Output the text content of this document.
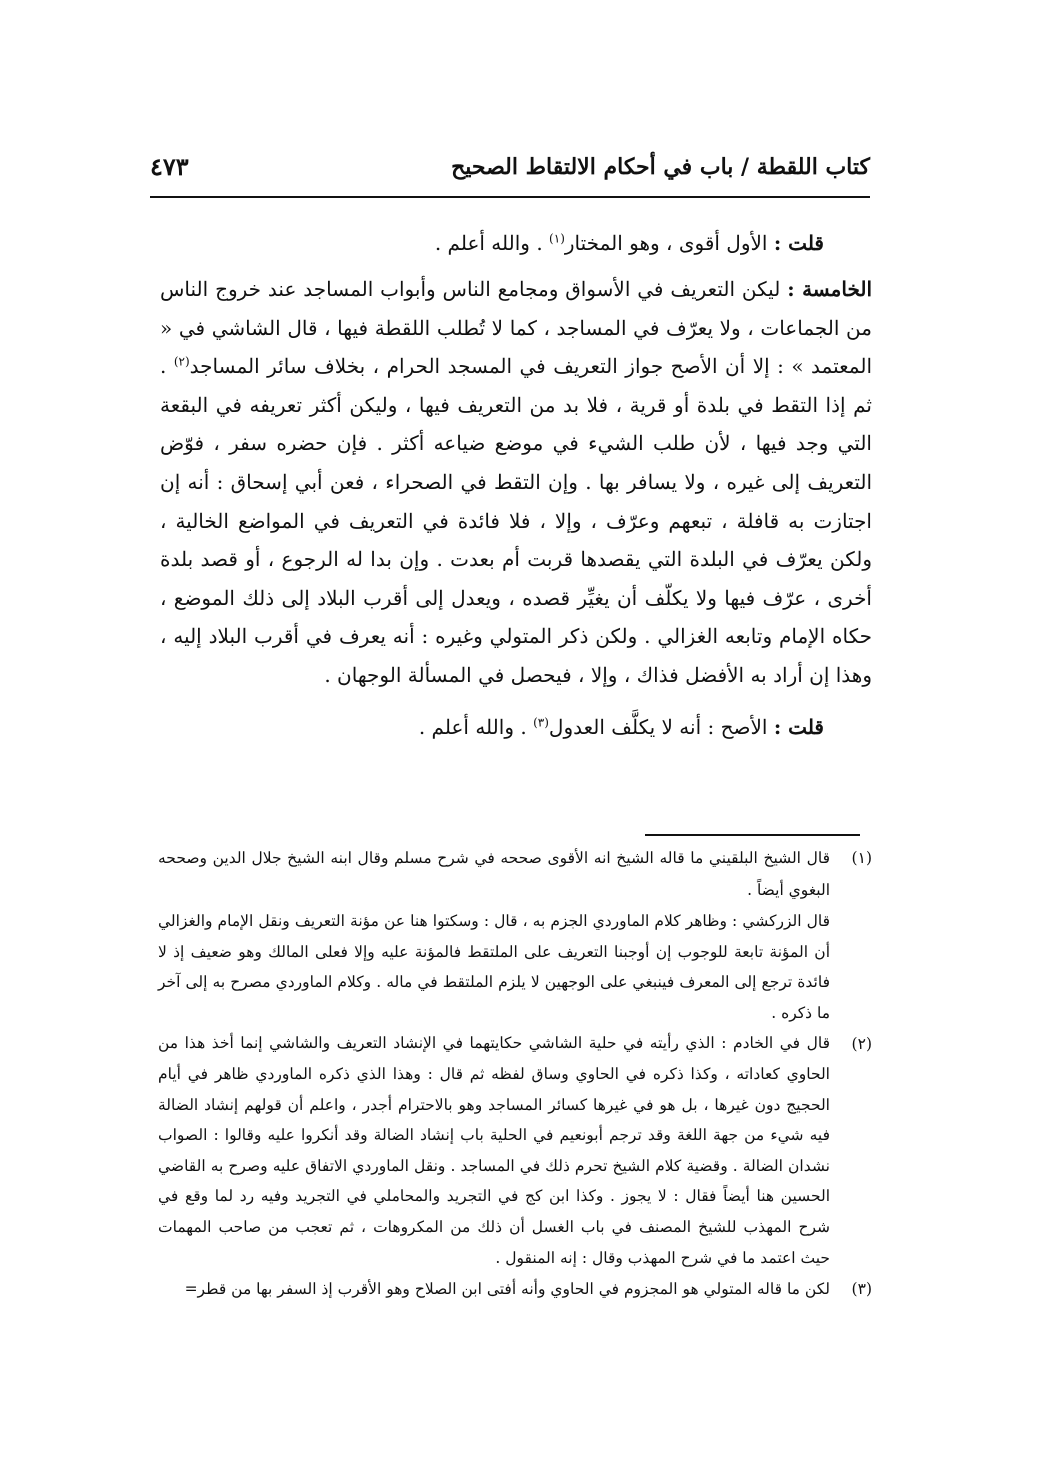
كتاب اللقطة / باب في أحكام الالتقاط الصحيح
٤٧٣

قلت : الأول أقوى ، وهو المختار$^{(١)}$ . والله أعلم .

الخامسة : ليكن التعريف في الأسواق ومجامع الناس وأبواب المساجد عند خروج الناس من الجماعات ، ولا يعرّف في المساجد ، كما لا تُطلب اللقطة فيها ، قال الشاشي في « المعتمد » : إلا أن الأصح جواز التعريف في المسجد الحرام ، بخلاف سائر المساجد$^{(٢)}$ . ثم إذا التقط في بلدة أو قرية ، فلا بد من التعريف فيها ، وليكن أكثر تعريفه في البقعة التي وجد فيها ، لأن طلب الشيء في موضع ضياعه أكثر . فإن حضره سفر ، فوّض التعريف إلى غيره ، ولا يسافر بها . وإن التقط في الصحراء ، فعن أبي إسحاق : أنه إن اجتازت به قافلة ، تبعهم وعرّف ، وإلا ، فلا فائدة في التعريف في المواضع الخالية ، ولكن يعرّف في البلدة التي يقصدها قربت أم بعدت . وإن بدا له الرجوع ، أو قصد بلدة أخرى ، عرّف فيها ولا يكلّف أن يغيِّر قصده ، ويعدل إلى أقرب البلاد إلى ذلك الموضع ، حكاه الإمام وتابعه الغزالي . ولكن ذكر المتولي وغيره : أنه يعرف في أقرب البلاد إليه ، وهذا إن أراد به الأفضل فذاك ، وإلا ، فيحصل في المسألة الوجهان .

قلت : الأصح : أنه لا يكلَّف العدول$^{(٣)}$ . والله أعلم .

(١)

قال الشيخ البلقيني ما قاله الشيخ انه الأقوى صححه في شرح مسلم وقال ابنه الشيخ جلال الدين وصححه البغوي أيضاً .

قال الزركشي : وظاهر كلام الماوردي الجزم به ، قال : وسكتوا هنا عن مؤنة التعريف ونقل الإمام والغزالي أن المؤنة تابعة للوجوب إن أوجبنا التعريف على الملتقط فالمؤنة عليه وإلا فعلى المالك وهو ضعيف إذ لا فائدة ترجع إلى المعرف فينبغي على الوجهين لا يلزم الملتقط في ماله . وكلام الماوردي مصرح به إلى آخر ما ذكره .

(٢)

قال في الخادم : الذي رأيته في حلية الشاشي حكايتهما في الإنشاد التعريف والشاشي إنما أخذ هذا من الحاوي كعاداته ، وكذا ذكره في الحاوي وساق لفظه ثم قال : وهذا الذي ذكره الماوردي ظاهر في أيام الحجيج دون غيرها ، بل هو في غيرها كسائر المساجد وهو بالاحترام أجدر ، واعلم أن قولهم إنشاد الضالة فيه شيء من جهة اللغة وقد ترجم أبونعيم في الحلية باب إنشاد الضالة وقد أنكروا عليه وقالوا : الصواب نشدان الضالة . وقضية كلام الشيخ تحرم ذلك في المساجد . ونقل الماوردي الاتفاق عليه وصرح به القاضي الحسين هنا أيضاً فقال : لا يجوز . وكذا ابن كج في التجريد والمحاملي في التجريد وفيه رد لما وقع في شرح المهذب للشيخ المصنف في باب الغسل أن ذلك من المكروهات ، ثم تعجب من صاحب المهمات حيث اعتمد ما في شرح المهذب وقال : إنه المنقول .

(٣)

لكن ما قاله المتولي هو المجزوم في الحاوي وأنه أفتى ابن الصلاح وهو الأقرب إذ السفر بها من قطر=
